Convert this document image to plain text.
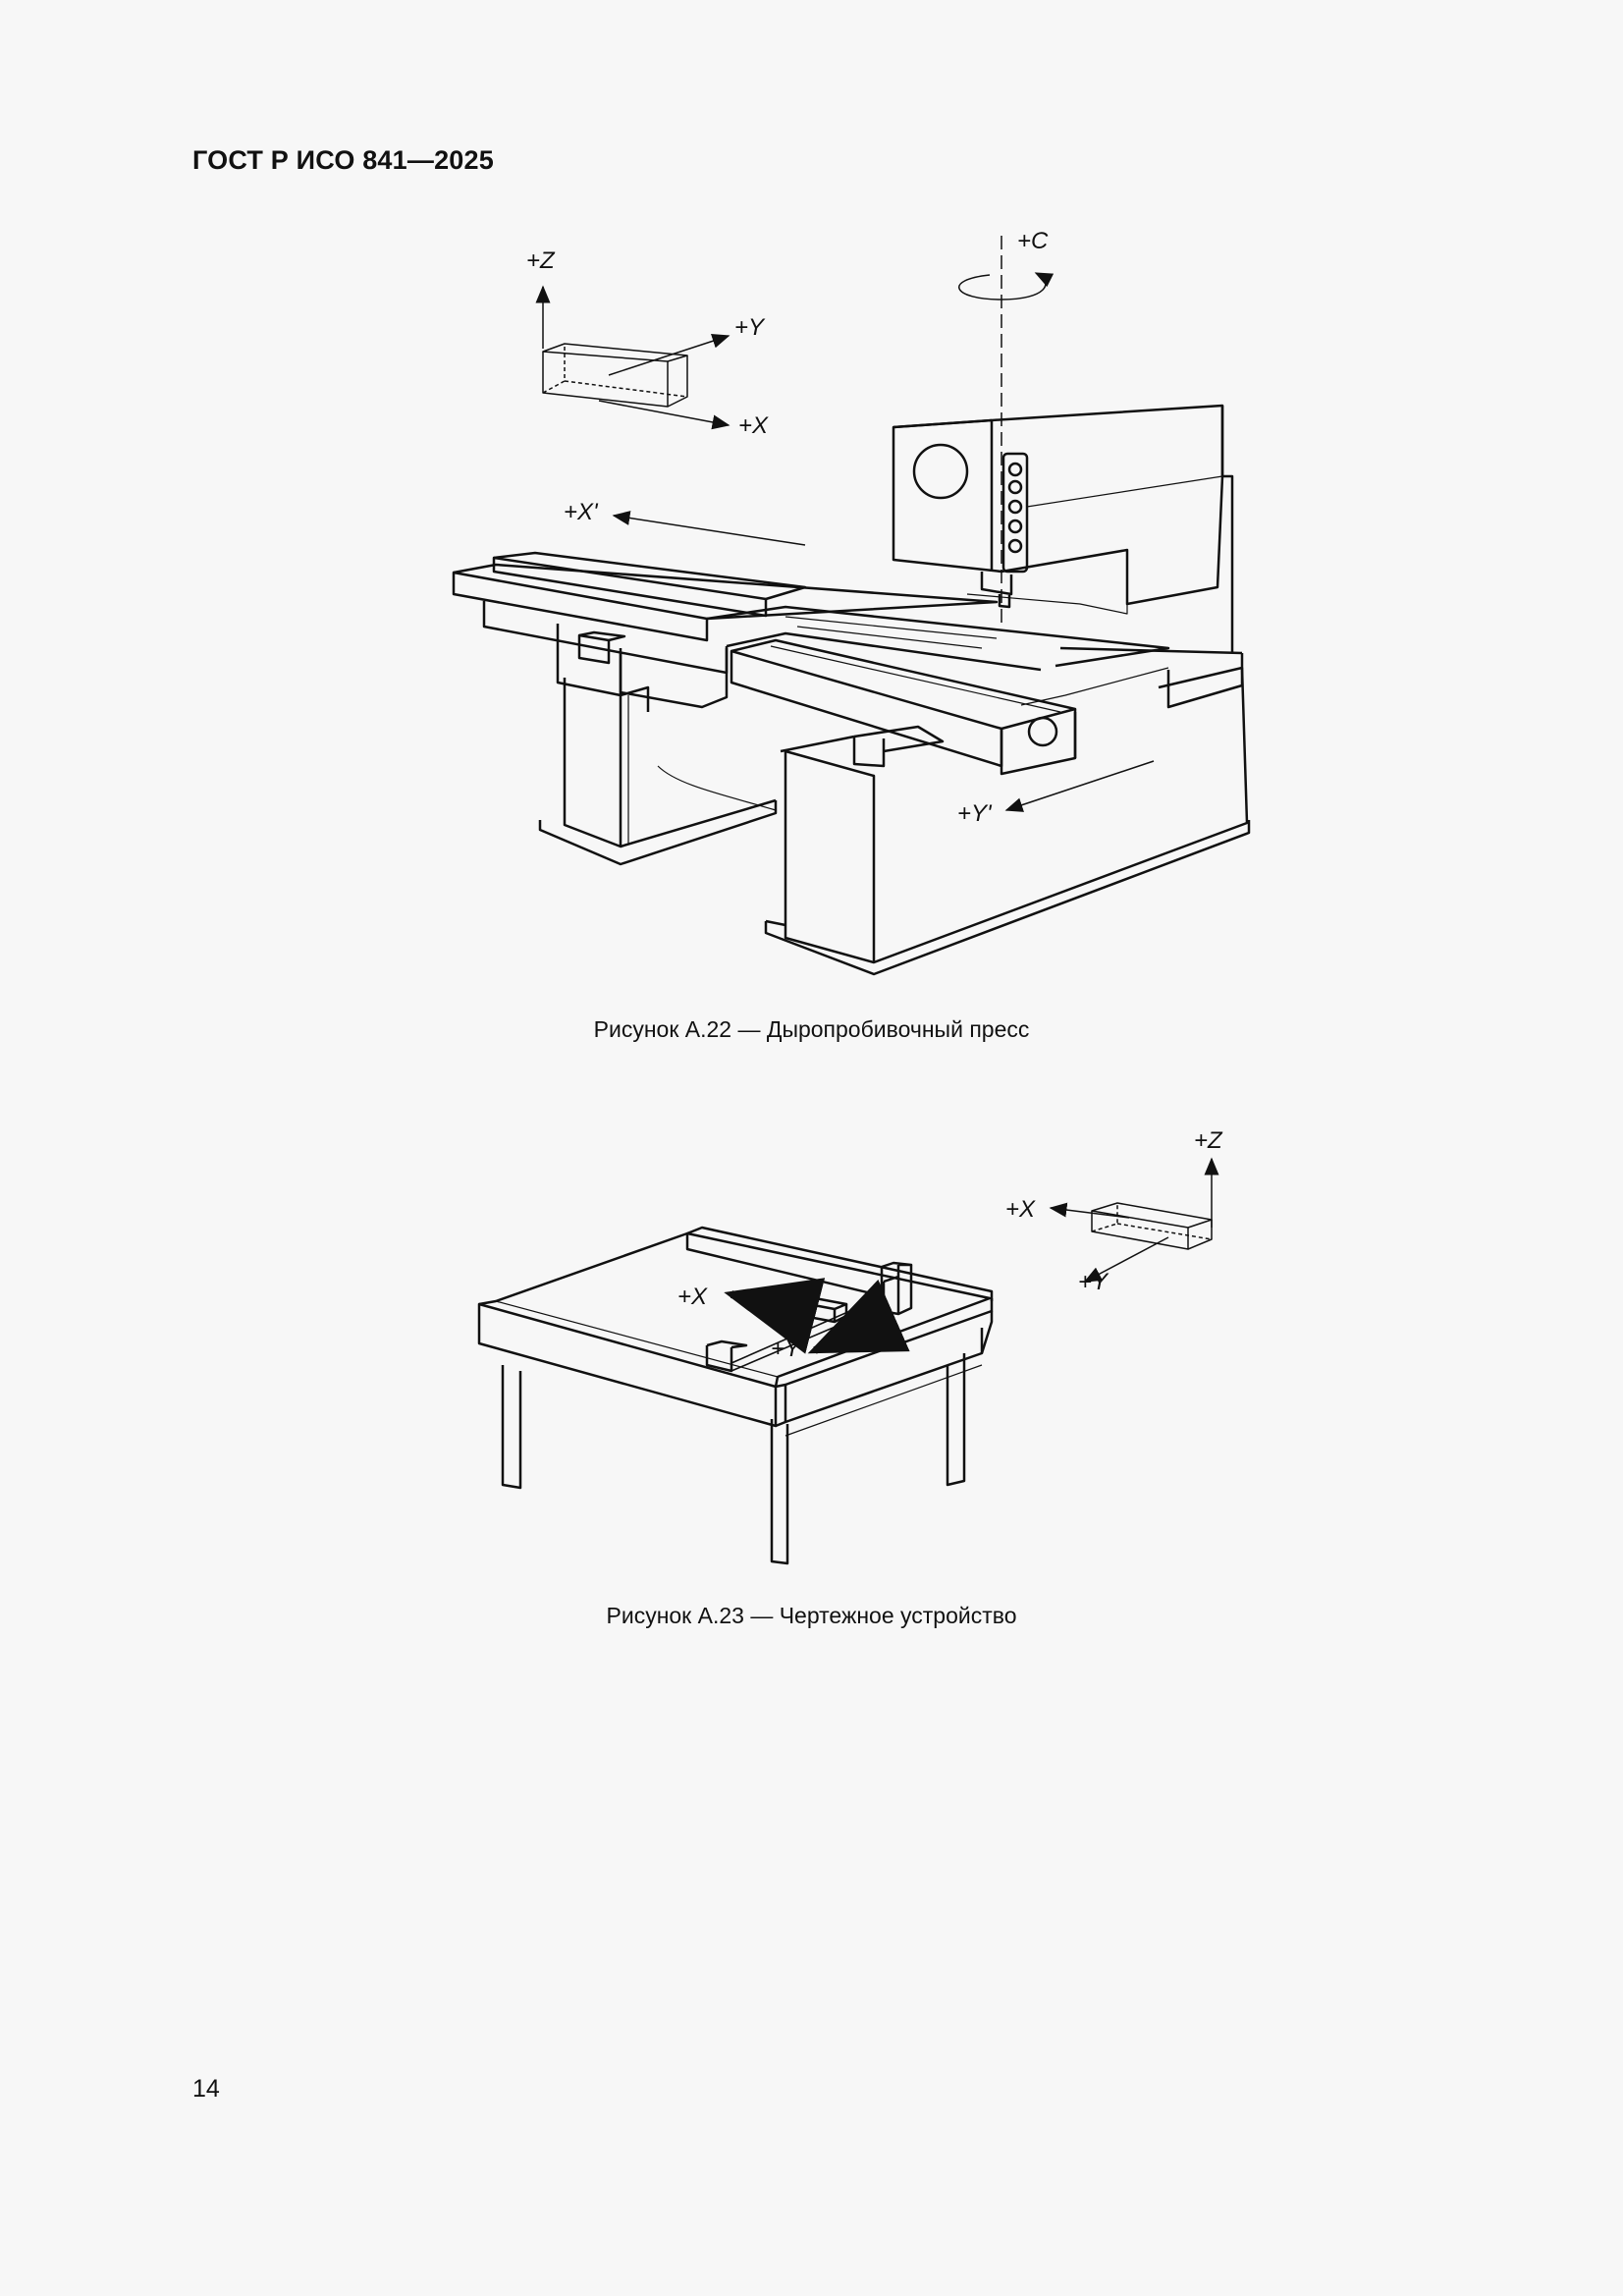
ГОСТ Р ИСО 841—2025
+Z
+Y
+X
+C
+X'
+Y'
Рисунок А.22 — Дыропробивочный пресс
+Z
+X
+Y
+X
+Y
Рисунок А.23 — Чертежное устройство
14
